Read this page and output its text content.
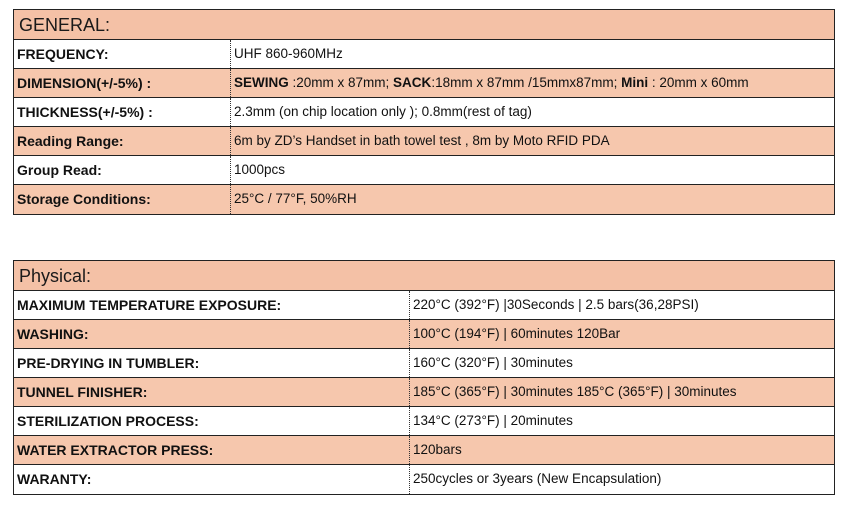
GENERAL:
FREQUENCY:	UHF 860-960MHz
DIMENSION(+/-5%) :	SEWING :20mm x 87mm; SACK:18mm x 87mm /15mmx87mm; Mini : 20mm x 60mm
THICKNESS(+/-5%) :	2.3mm (on chip location only ); 0.8mm(rest of tag)
Reading Range:	6m by ZD’s Handset in bath towel test , 8m by Moto RFID PDA
Group Read:	1000pcs
Storage Conditions:	25°C / 77°F, 50%RH
Physical:
MAXIMUM TEMPERATURE EXPOSURE:	220°C (392°F) |30Seconds | 2.5 bars(36,28PSI)
WASHING:	100°C (194°F) | 60minutes 120Bar
PRE-DRYING IN TUMBLER:	160°C (320°F) | 30minutes
TUNNEL FINISHER:	185°C (365°F) | 30minutes 185°C (365°F) | 30minutes
STERILIZATION PROCESS:	134°C (273°F) | 20minutes
WATER EXTRACTOR PRESS:	120bars
WARANTY:	250cycles or 3years (New Encapsulation)
